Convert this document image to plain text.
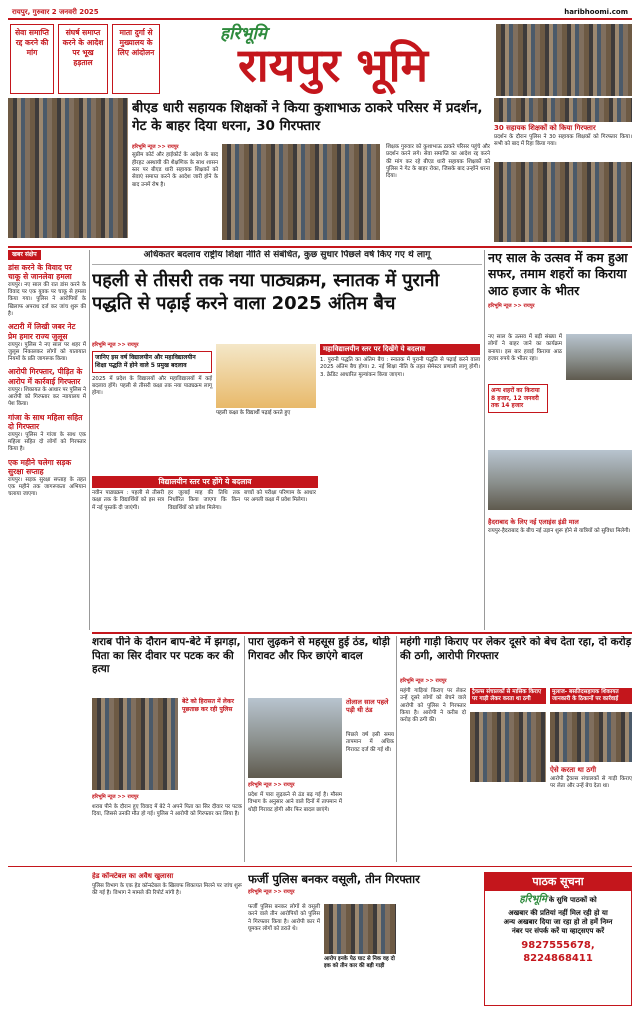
रायपुर, गुरुवार 2 जनवरी 2025	haribhoomi.com
सेवा समाप्ति रद्द करने की मांग
संघर्ष समाप्त करने के आदेश पर भूख हड़ताल
माता दुर्गा से मुख्यालय के लिए आंदोलन
हरिभूमि
रायपुर भूमि
बीएड धारी सहायक शिक्षकों ने किया कुशाभाऊ ठाकरे परिसर में प्रदर्शन, गेट के बाहर दिया धरना, 30 गिरफ्तार
हरिभूमि न्यूज >> रायपुर
सुप्रीम कोर्ट और हाईकोर्ट के आदेश के बाद हीरहट अस्थायी की शैक्षणिक के साथ शासन स्तर पर बीएड धारी सहायक शिक्षकों को सेवाएं समाप्त करने के आदेश जारी होने के बाद उनमें रोष है।
शिक्षक गुरुवार को कुशाभाऊ ठाकरे परिसर पहुंचे और प्रदर्शन करने लगे। सेवा समाप्ति का आदेश रद्द करने की मांग कर रहे बीएड धारी सहायक शिक्षकों को पुलिस ने गेट के बाहर रोका, जिसके बाद उन्होंने धरना दिया।
30 सहायक शिक्षकों को किया गिरफ्तार
प्रदर्शन के दौरान पुलिस ने 30 सहायक शिक्षकों को गिरफ्तार किया। सभी को बाद में रिहा किया गया।
खबर संक्षेप
डांस करने के विवाद पर चाकू से जानलेवा हमला
रायपुर। नए साल की रात डांस करने के विवाद पर एक युवक पर चाकू से हमला किया गया। पुलिस ने आरोपियों के खिलाफ अपराध दर्ज कर जांच शुरू की है।
अटारी में लिखी जबर नेट प्रेम हमार राज्य जुलूस
रायपुर। पुलिस ने नए साल पर शहर में जुलूस निकालकर लोगों को यातायात नियमों के प्रति जागरूक किया।
आरोपी गिरफ्तार, पीड़ित के आरोप में कार्रवाई गिरफ्तार
रायपुर। शिकायत के आधार पर पुलिस ने आरोपी को गिरफ्तार कर न्यायालय में पेश किया।
गांजा के साथ महिला सहित दो गिरफ्तार
रायपुर। पुलिस ने गांजा के साथ एक महिला सहित दो लोगों को गिरफ्तार किया है।
एक महीने चलेगा सड़क सुरक्षा सप्ताह
रायपुर। सड़क सुरक्षा सप्ताह के तहत एक महीने तक जागरूकता अभियान चलाया जाएगा।
अधिकतर बदलाव राष्ट्रीय शिक्षा नीति से संबंधित, कुछ सुधार पिछले वर्ष किए गए थे लागू
पहली से तीसरी तक नया पाठ्यक्रम, स्नातक में पुरानी पद्धति से पढ़ाई करने वाला 2025 अंतिम बैच
हरिभूमि न्यूज >> रायपुर
जानिए इस वर्ष विद्यालयीन और महाविद्यालयीन शिक्षा पद्धति में होने वाले 5 प्रमुख बदलाव
2025 में प्रदेश के विद्यालयों और महाविद्यालयों में कई बदलाव होंगे। पहली से तीसरी कक्षा तक नया पाठ्यक्रम लागू होगा।
पहली कक्षा के विद्यार्थी पढ़ाई करते हुए
महाविद्यालयीन स्तर पर दिखेंगे ये बदलाव
1. पुरानी पद्धति का अंतिम बैच : स्नातक में पुरानी पद्धति से पढ़ाई करने वाला 2025 अंतिम बैच होगा। 2. नई शिक्षा नीति के तहत सेमेस्टर प्रणाली लागू होगी। 3. क्रेडिट आधारित मूल्यांकन किया जाएगा।
विद्यालयीन स्तर पर होंगे ये बदलाव
नवीन पाठ्यक्रम : पहली से तीसरी कक्षा तक के विद्यार्थियों को इस सत्र में नई पुस्तकें दी जाएंगी।
हर जुलाई माह की तिथि तक निर्धारित किया जाएगा कि किन विद्यार्थियों को प्रवेश मिलेगा।
बच्चों को परीक्षा परिणाम के आधार पर अगली कक्षा में प्रवेश मिलेगा।
नए साल के उत्सव में कम हुआ सफर, तमाम शहरों का किराया आठ हजार के भीतर
हरिभूमि न्यूज >> रायपुर
नए साल के उत्सव में बड़ी संख्या में लोगों ने बाहर जाने का कार्यक्रम बनाया। इस बार हवाई किराया आठ हजार रुपये के भीतर रहा।
अन्य शहरों का किराया 8 हजार, 12 जनवरी तक 14 हजार
हैदराबाद के लिए नई एलाइंस इंडी माल
रायपुर-हैदराबाद के बीच नई उड़ान शुरू होने से यात्रियों को सुविधा मिलेगी।
शराब पीने के दौरान बाप-बेटे में झगड़ा, पिता का सिर दीवार पर पटक कर की हत्या
बेटे को हिरासत में लेकर पूछताछ कर रही पुलिस
हरिभूमि न्यूज >> रायपुर
शराब पीने के दौरान हुए विवाद में बेटे ने अपने पिता का सिर दीवार पर पटक दिया, जिससे उनकी मौत हो गई। पुलिस ने आरोपी को गिरफ्तार कर लिया है।
पारा लुढ़कने से महसूस हुई ठंड, थोड़ी गिरावट और फिर छाएंगे बादल
तोलाल साल पहले पड़ी थी ठंड
पिछले वर्ष इसी समय तापमान में अधिक गिरावट दर्ज की गई थी।
हरिभूमि न्यूज >> रायपुर
प्रदेश में पारा लुढ़कने से ठंड बढ़ गई है। मौसम विभाग के अनुसार आने वाले दिनों में तापमान में थोड़ी गिरावट होगी और फिर बादल छाएंगे।
महंगी गाड़ी किराए पर लेकर दूसरे को बेच देता रहा, दो करोड़ की ठगी, आरोपी गिरफ्तार
हरिभूमि न्यूज >> रायपुर
महंगी गाड़ियां किराए पर लेकर उन्हें दूसरे लोगों को बेचने वाले आरोपी को पुलिस ने गिरफ्तार किया है। आरोपी ने करीब दो करोड़ की ठगी की।
ट्रैवल्स संचालकों से मासिक किराए पर गाड़ी लेकर करता था ठगी
मुलाज- बसतिदसहायक शिकायत जानकारी के ठिकानों पर कार्रवाई
ऐसे करता था ठगी
आरोपी ट्रैवल्स संचालकों से गाड़ी किराए पर लेता और उन्हें बेच देता था।
हेड कॉन्स्टेबल का अवैध खुलासा
पुलिस विभाग के एक हेड कॉन्स्टेबल के खिलाफ शिकायत मिलने पर जांच शुरू की गई है। विभाग ने मामले की रिपोर्ट मांगी है।
फर्जी पुलिस बनकर वसूली, तीन गिरफ्तार
हरिभूमि न्यूज >> रायपुर
फर्जी पुलिस बनकर लोगों से वसूली करने वाले तीन आरोपियों को पुलिस ने गिरफ्तार किया है। आरोपी कार में घूमकर लोगों को डराते थे।
आरोप इनके पेठ घाट से निक वह दो इक को तीन कार की बड़ी गाड़ी
पाठक सूचना
हरिभूमि के सुधि पाठकों को
अखबार की प्रतियां नहीं मिल रही हो या
अन्य अखबार दिया जा रहा हो तो हमें निम्न
नंबर पर संपर्क करें या व्हाट्सएप करें
9827555678, 8224868411
